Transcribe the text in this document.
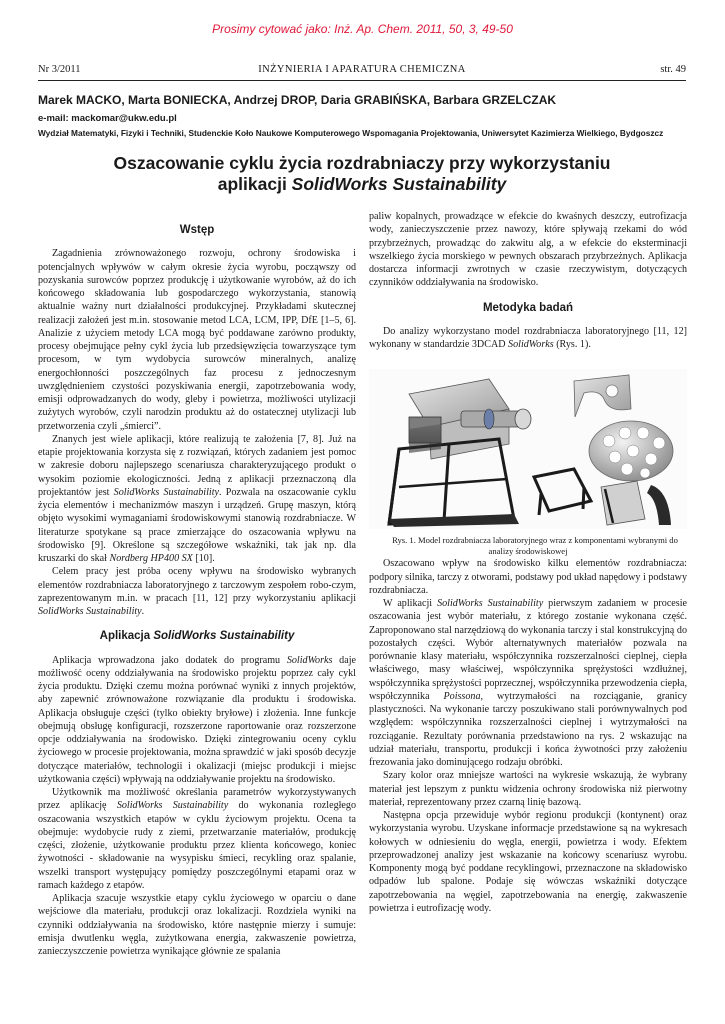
Prosimy cytować jako: Inż. Ap. Chem. 2011, 50, 3, 49-50
INŻYNIERIA I APARATURA CHEMICZNA
Nr 3/2011	str. 49
Marek MACKO, Marta BONIECKA, Andrzej DROP, Daria GRABIŃSKA, Barbara GRZELCZAK
e-mail: mackomar@ukw.edu.pl
Wydział Matematyki, Fizyki i Techniki, Studenckie Koło Naukowe Komputerowego Wspomagania Projektowania, Uniwersytet Kazimierza Wielkiego, Bydgoszcz
Oszacowanie cyklu życia rozdrabniaczy przy wykorzystaniu
aplikacji SolidWorks Sustainability
Wstęp

Zagadnienia zrównoważonego rozwoju, ochrony środowiska i potencjalnych wpływów w całym okresie życia wyrobu, począwszy od pozyskania surowców poprzez produkcję i użytkowanie wyrobów, aż do ich końcowego składowania lub gospodarczego wykorzystania, stanowią aktualnie ważny nurt działalności produkcyjnej. Przykładami skutecznej realizacji założeń jest m.in. stosowanie metod LCA, LCM, IPP, DfE [1–5, 6]. Analizie z użyciem metody LCA mogą być poddawane zarówno produkty, procesy obejmujące pełny cykl życia lub przedsięwzięcia towarzyszące tym procesom, w tym wydobycia surowców mineralnych, analizę energochłonności poszczególnych faz procesu z jednoczesnym uwzględnieniem czystości pozyskiwania energii, zapotrzebowania wody, emisji odprowadzanych do wody, gleby i powietrza, możliwości utylizacji zużytych wyrobów, czyli narodzin produktu aż do ostatecznej utylizacji lub przetworzenia czyli „śmierci”.

Znanych jest wiele aplikacji, które realizują te założenia [7, 8]. Już na etapie projektowania korzysta się z rozwiązań, których zadaniem jest pomoc w zakresie doboru najlepszego scenariusza charakteryzującego produkt o wysokim poziomie ekologiczności. Jedną z aplikacji przeznaczoną dla projektantów jest SolidWorks Sustainability. Pozwala na oszacowanie cyklu życia elementów i mechanizmów maszyn i urządzeń. Grupę maszyn, którą objęto wysokimi wymaganiami środowiskowymi stanowią rozdrabniacze. W literaturze spotykane są prace zmierzające do oszacowania wpływu na środowisko [9]. Określone są szczegółowe wskaźniki, tak jak np. dla kruszarki do skał Nordberg HP400 SX [10].

Celem pracy jest próba oceny wpływu na środowisko wybranych elementów rozdrabniacza laboratoryjnego z tarczowym zespołem robo-czym, zaprezentowanym m.in. w pracach [11, 12] przy wykorzystaniu aplikacji SolidWorks Sustainability.

Aplikacja SolidWorks Sustainability

Aplikacja wprowadzona jako dodatek do programu SolidWorks daje możliwość oceny oddziaływania na środowisko projektu poprzez cały cykl życia produktu. Dzięki czemu można porównać wyniki z innych projektów, aby zapewnić zrównoważone rozwiązanie dla produktu i środowiska. Aplikacja obsługuje części (tylko obiekty bryłowe) i złożenia. Inne funkcje obejmują obsługę konfiguracji, rozszerzone raportowanie oraz rozszerzone opcje oddziaływania na środowisko. Dzięki zintegrowaniu oceny cyklu życiowego w procesie projektowania, można sprawdzić w jaki sposób decyzje dotyczące materiałów, technologii i okalizacji (miejsc produkcji i miejsc użytkowania części) wpływają na oddziaływanie projektu na środowisko.

Użytkownik ma możliwość określania parametrów wykorzystywanych przez aplikację SolidWorks Sustainability do wykonania rozległego oszacowania wszystkich etapów w cyklu życiowym projektu. Ocena ta obejmuje: wydobycie rudy z ziemi, przetwarzanie materiałów, produkcję części, złożenie, użytkowanie produktu przez klienta końcowego, koniec żywotności - składowanie na wysypisku śmieci, recykling oraz spalanie, wszelki transport występujący pomiędzy poszczególnymi etapami oraz w ramach każdego z etapów.

Aplikacja szacuje wszystkie etapy cyklu życiowego w oparciu o dane wejściowe dla materiału, produkcji oraz lokalizacji. Rozdziela wyniki na czynniki oddziaływania na środowisko, które następnie mierzy i sumuje: emisja dwutlenku węgla, zużytkowana energia, zakwaszenie powietrza, zanieczyszczenie powietrza wynikające głównie ze spalania

paliw kopalnych, prowadzące w efekcie do kwaśnych deszczy, eutrofizacja wody, zanieczyszczenie przez nawozy, które spływają rzekami do wód przybrzeżnych, prowadząc do zakwitu alg, a w efekcie do eksterminacji wszelkiego życia morskiego w pewnych obszarach przybrzeżnych. Aplikacja dostarcza informacji zwrotnych w czasie rzeczywistym, dotyczących czynników oddziaływania na środowisko.

Metodyka badań

Do analizy wykorzystano model rozdrabniacza laboratoryjnego [11, 12] wykonany w standardzie 3DCAD SolidWorks (Rys. 1).

Rys. 1. Model rozdrabniacza laboratoryjnego wraz z komponentami wybranymi do analizy środowiskowej

Oszacowano wpływ na środowisko kilku elementów rozdrabniacza: podpory silnika, tarczy z otworami, podstawy pod układ napędowy i podstawy rozdrabniacza.

W aplikacji SolidWorks Sustainability pierwszym zadaniem w procesie oszacowania jest wybór materiału, z którego zostanie wykonana część. Zaproponowano stal narzędziową do wykonania tarczy i stal konstrukcyjną do pozostałych części. Wybór alternatywnych materiałów pozwala na porównanie klasy materiału, współczynnika rozszerzalności cieplnej, ciepła właściwego, masy właściwej, współczynnika sprężystości wzdłużnej, współczynnika sprężystości poprzecznej, współczynnika przewodzenia ciepła, współczynnika Poissona, wytrzymałości na rozciąganie, granicy plastyczności. Na wykonanie tarczy poszukiwano stali porównywalnych pod względem: współczynnika rozszerzalności cieplnej i wytrzymałości na rozciąganie. Rezultaty porównania przedstawiono na rys. 2 wskazując na udział materiału, transportu, produkcji i końca żywotności przy założeniu frezowania jako dominującego rodzaju obróbki.

Szary kolor oraz mniejsze wartości na wykresie wskazują, że wybrany materiał jest lepszym z punktu widzenia ochrony środowiska niż pierwotny materiał, reprezentowany przez czarną linię bazową.

Następna opcja przewiduje wybór regionu produkcji (kontynent) oraz wykorzystania wyrobu. Uzyskane informacje przedstawione są na wykresach kołowych w odniesieniu do węgla, energii, powietrza i wody. Efektem przeprowadzonej analizy jest wskazanie na końcowy scenariusz wyrobu. Komponenty mogą być poddane recyklingowi, przeznaczone na składowisko odpadów lub spalone. Podaje się wówczas wskaźniki dotyczące zapotrzebowania na węgiel, zapotrzebowania na energię, zakwaszenie powietrza i eutrofizację wody.
